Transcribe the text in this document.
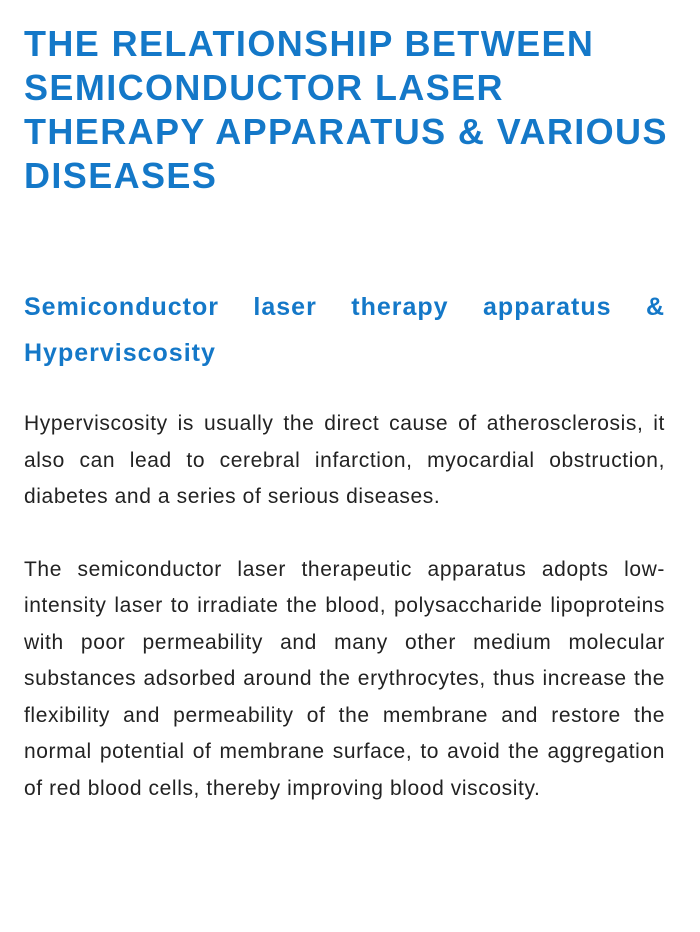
THE RELATIONSHIP BETWEEN SEMICONDUCTOR LASER THERAPY APPARATUS & VARIOUS DISEASES
Semiconductor laser therapy apparatus & Hyperviscosity

Hyperviscosity is usually the direct cause of atherosclerosis, it also can lead to cerebral infarction, myocardial obstruction, diabetes and a series of serious diseases.

The semiconductor laser therapeutic apparatus adopts low-intensity laser to irradiate the blood, polysaccharide lipoproteins with poor permeability and many other medium molecular substances adsorbed around the erythrocytes, thus increase the flexibility and permeability of the membrane and restore the normal potential of membrane surface, to avoid the aggregation of red blood cells, thereby improving blood viscosity.
